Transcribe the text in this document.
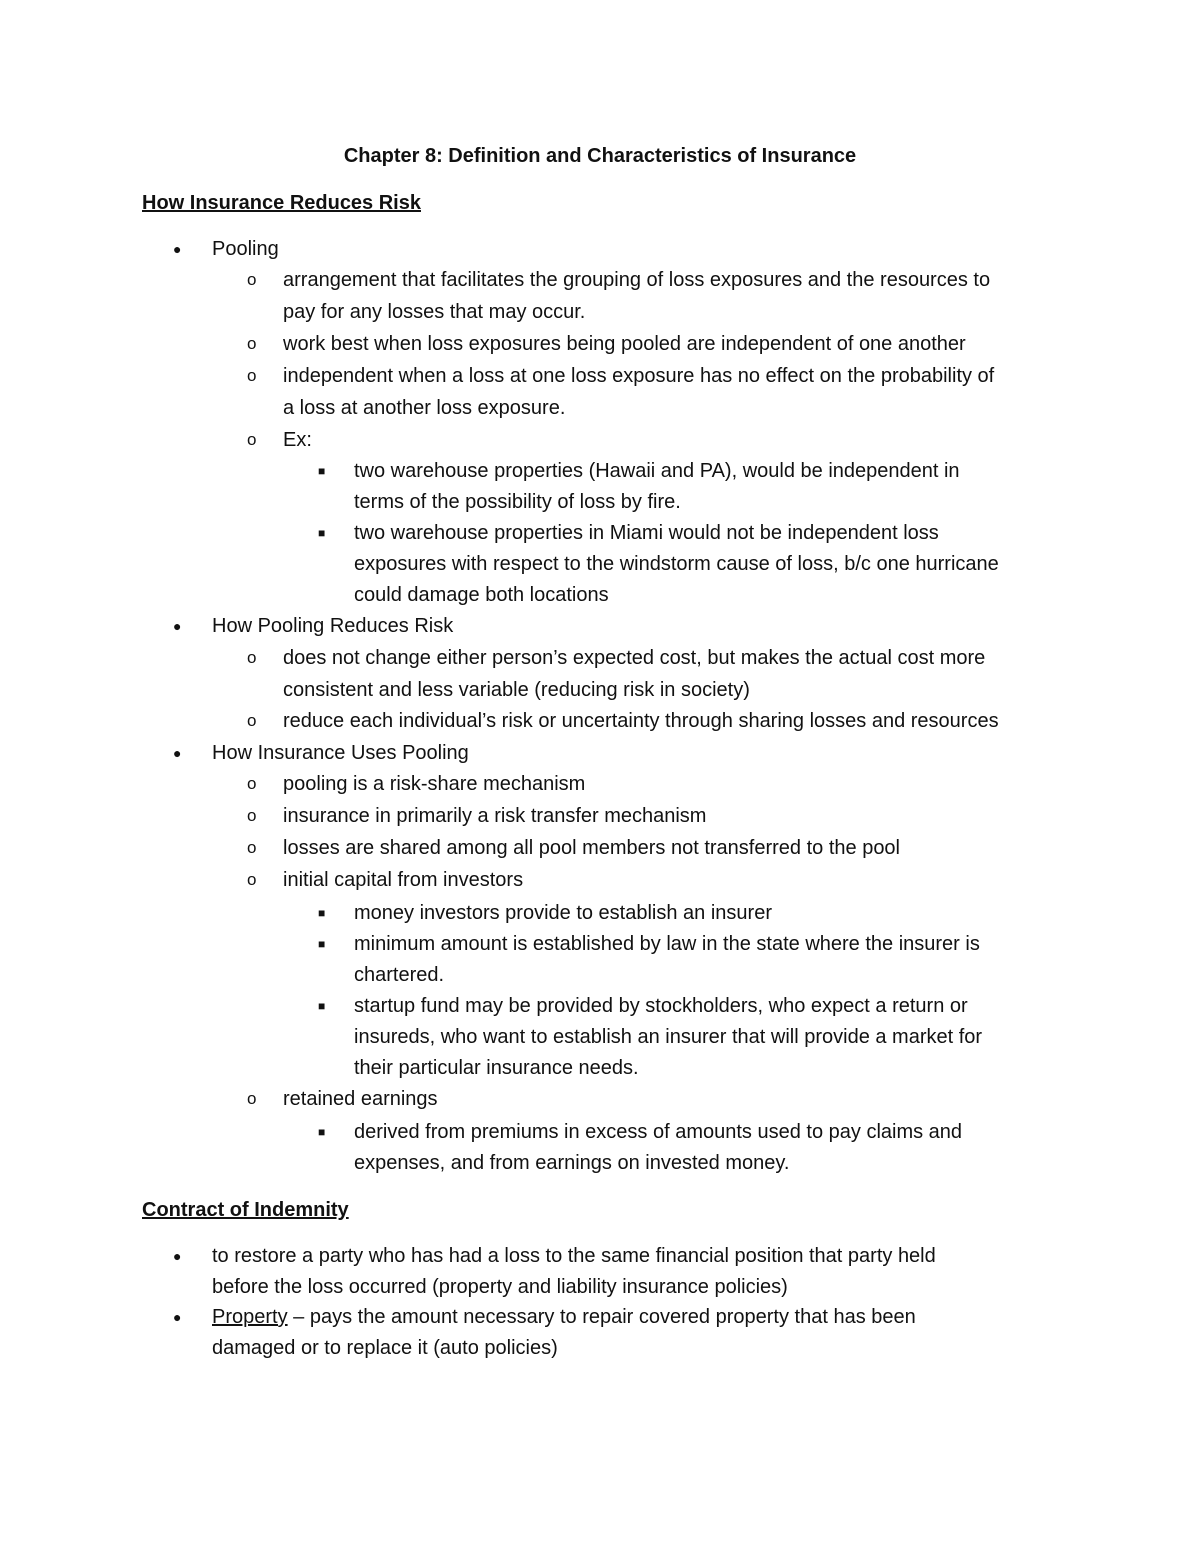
Chapter 8: Definition and Characteristics of Insurance
How Insurance Reduces Risk
● Pooling
o arrangement that facilitates the grouping of loss exposures and the resources to
pay for any losses that may occur.
o work best when loss exposures being pooled are independent of one another
o independent when a loss at one loss exposure has no effect on the probability of
a loss at another loss exposure.
o Ex:
■ two warehouse properties (Hawaii and PA), would be independent in
terms of the possibility of loss by fire.
■ two warehouse properties in Miami would not be independent loss
exposures with respect to the windstorm cause of loss, b/c one hurricane
could damage both locations
● How Pooling Reduces Risk
o does not change either person’s expected cost, but makes the actual cost more
consistent and less variable (reducing risk in society)
o reduce each individual’s risk or uncertainty through sharing losses and resources
● How Insurance Uses Pooling
o pooling is a risk-share mechanism
o insurance in primarily a risk transfer mechanism
o losses are shared among all pool members not transferred to the pool
o initial capital from investors
■ money investors provide to establish an insurer
■ minimum amount is established by law in the state where the insurer is
chartered.
■ startup fund may be provided by stockholders, who expect a return or
insureds, who want to establish an insurer that will provide a market for
their particular insurance needs.
o retained earnings
■ derived from premiums in excess of amounts used to pay claims and
expenses, and from earnings on invested money.
Contract of Indemnity
● to restore a party who has had a loss to the same financial position that party held
before the loss occurred (property and liability insurance policies)
● Property – pays the amount necessary to repair covered property that has been
damaged or to replace it (auto policies)
